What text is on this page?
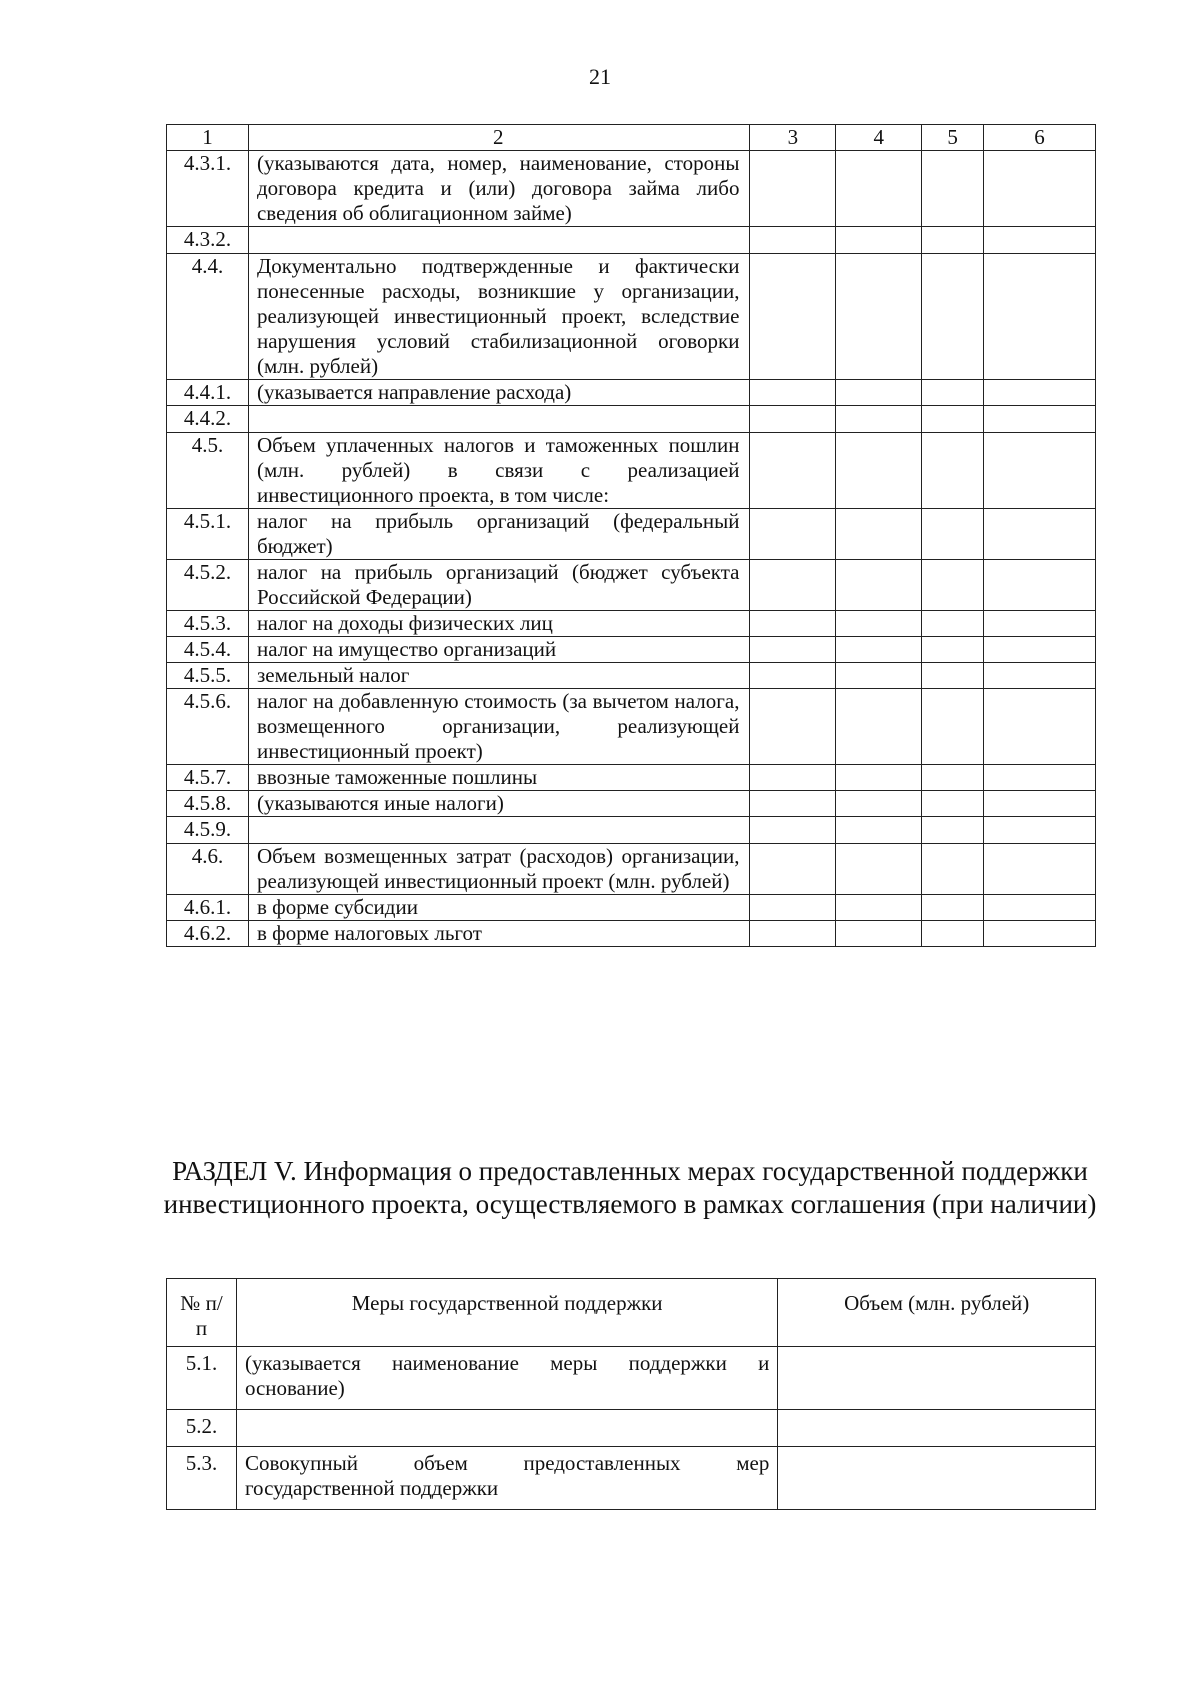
21
1	2	3	4	5	6
4.3.1.	(указываются дата, номер, наименование, стороны договора кредита и (или) договора займа либо сведения об облигационном займе)				
4.3.2.					
4.4.	Документально подтвержденные и фактически понесенные расходы, возникшие у организации, реализующей инвестиционный проект, вследствие нарушения условий стабилизационной оговорки (млн. рублей)				
4.4.1.	(указывается направление расхода)				
4.4.2.					
4.5.	Объем уплаченных налогов и таможенных пошлин (млн. рублей) в связи с реализацией инвестиционного проекта, в том числе:				
4.5.1.	налог на прибыль организаций (федеральный бюджет)				
4.5.2.	налог на прибыль организаций (бюджет субъекта Российской Федерации)				
4.5.3.	налог на доходы физических лиц				
4.5.4.	налог на имущество организаций				
4.5.5.	земельный налог				
4.5.6.	налог на добавленную стоимость (за вычетом налога, возмещенного организации, реализующей инвестиционный проект)				
4.5.7.	ввозные таможенные пошлины				
4.5.8.	(указываются иные налоги)				
4.5.9.					
4.6.	Объем возмещенных затрат (расходов) организации, реализующей инвестиционный проект (млн. рублей)				
4.6.1.	в форме субсидии				
4.6.2.	в форме налоговых льгот				
РАЗДЕЛ V. Информация о предоставленных мерах государственной поддержки инвестиционного проекта, осуществляемого в рамках соглашения (при наличии)
№ п/п	Меры государственной поддержки	Объем (млн. рублей)
5.1.	(указывается наименование меры поддержки и основание)	
5.2.		
5.3.	Совокупный объем предоставленных мер государственной поддержки	
